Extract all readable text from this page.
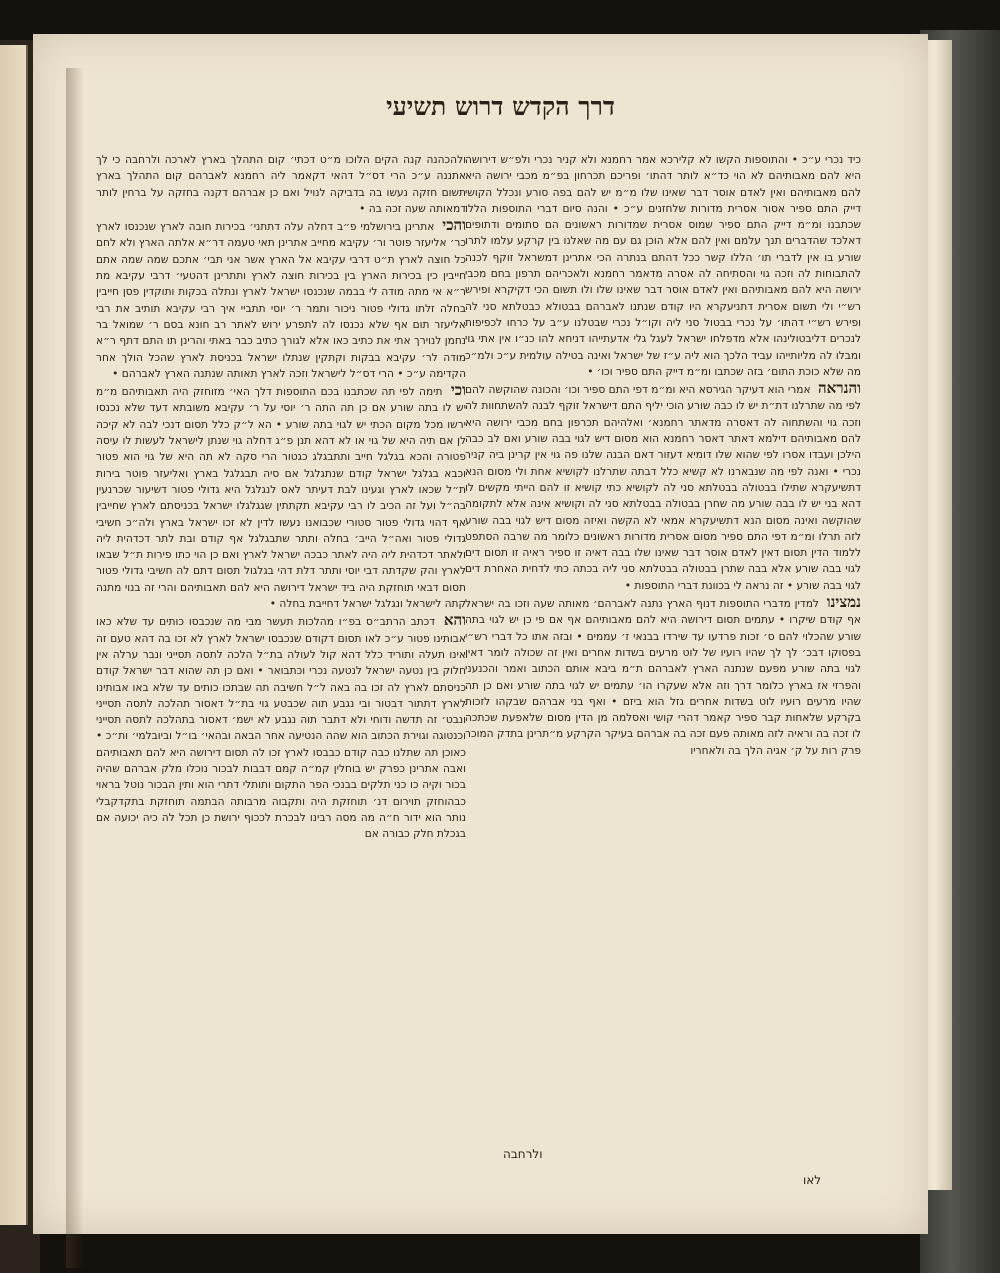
דרך הקדש דרוש תשיעי

כיד נכרי ע״כ • והתוספות הקשו לא קלירכא אמר רחמנא ולא קניר נכרי ולפ״ש דירושה היא להם מאבותיהם לא הוי כד״א לותר דהתו׳ ופריכם תכרחון בפ״מ מכבי ירושה היא להם מאבותיהם ואין לאדם אוסר דבר שאינו שלו מ״מ יש להם בפה סורע ונכלל הקושי דייק התם ספיר אסור אסרית מדורות שלחזנים ע״כ • והנה סיום דברי התוספות הללו שכתבנו ומ״מ דייק התם ספיר שמוס אסרית שמדורות ראשונים הם סתומים ודתופים דאלכד שהדברים תנך עלמם ואין להם אלא הוכן גם עם מה שאלנו בין קרקע עלמו לתרו שורע בו אין לדברי תו׳ הללו קשר ככל דהתם בנתרה הכי אתרינן דמשראל זוקף לכנה להתבוחות לה וזכה גוי והסתיחה לה אסרה מדאמר רחמנא ולאכריהם תרפון בחם מכבי ירושה היא להם מאבותיהם ואין לאדם אוסר דבר שאינו שלו ולו תשום הכי דקיקרא ופירש רש״י ולי תשום אסרית דתניעקרא היו קודם שנתנו לאברהם בבטולא כבטלתא סני לה ופירש רש״י דהתו׳ על נכרי בבטול סני ליה וקו״ל נכרי שבטלנו ע״ב על כרחו לכפיפות לנכרים דליבטולינהו אלא מדפלחו ישראל לעגל גלי אדעתייהו דניחא להו כנ״ו אין אתי גוי ומבלו לה מליותייהו עביד הלכך הוא ליה ע״ז של ישראל ואינה בטילה עולמית ע״כ ולמ״כ מה שלא כוכת התום׳ בזה שכתבו ומ״מ דייק התם ספיר וכו׳ •

והנראה אמרי הוא דעיקר הגירסא היא ומ״מ דפי התם ספיר וכו׳ והכונה שהוקשה להם לפי מה שתרלנו דת״ת יש לו כבה שורע הוכי יליף התם דישראל זוקף לבנה להשתחוות לה וזכה גוי והשתחוה לה דאסרה מדאתר רחמנא׳ ואלהיהם תכרפון בחם מכבי ירושה היא להם מאבותיהם דילמא דאתר דאסר רחמנא הוא מסום דיש לגוי בבה שורע ואם לב כבה הילכן ועבדו אסרו לפי שהוא שלו דומיא דעזור דאם הבנה שלנו פה גוי אין קרינן ביה קניר נכרי • ואנה לפי מה שנבארנו לא קשיא כלל דבתה שתרלנו לקושיא אחת ולי מסום הנא דתשיעקרא שתילו בבטולה בבטלתא סני לה לקושיא כתי קושיא זו להם הייתי מקשים לו דהא בני יש לו בבה שורע מה שחרן בבטולה בבטלתא סני לה וקושיא אינה אלא לתקומה שהוקשה ואינה מסום הנא דתשיעקרא אמאי לא הקשה ואיזה מסום דיש לגוי בבה שורע לזה תרלו ומ״מ דפי התם ספיר מסום אסרית מדורות ראשונים כלומר מה שרבה הסתפט ללמוד הדין תסום דאין לאדם אוסר דבר שאינו שלו בבה דאיה זו ספיר ראיה זו תסום דים לגוי בבה שורע אלא בבה שתרן בבטולה בבטלתא סני ליה בכתה כתי לדחית האחרת דים לגוי בבה שורע • זה נראה לי בכוונת דברי התוספות •

נמצינו למדין מדברי התוספות דנוף הארץ נתנה לאברהם׳ מאותה שעה וזכו בה ישראל אף קודם שיקרו • עתמים תסום דירושה היא להם מאבותיהם אף אם פי כן יש לגוי בתה שורע שהכלוי להם ס׳ זכות פרדעו עד שירדו בבנאי ז׳ עממים • ובזה אתו כל דברי רש״י בפסוקו דבכ׳ לך לך שהיו רועיו של לוט מרעים בשדות אחרים ואין זה שכולה לומר דאין לגוי בתה שורע מפעם שנתנה הארץ לאברהם ת״מ ביבא אותם הכתוב ואמר והכנעני והפרזי אז בארץ כלומר דרך וזה אלא שעקרו הו׳ עתמים יש לגוי בתה שורע ואם כן תה שהיו מרעים רועיו לוט בשדות אחרים גזל הוא ביזם • ואף בני אברהם שבקהו לזכות בקרקע שלאחות קבר ספיר קאמר דהרי קושי ואסלמה מן הדין מסום שלאפעת שכתכה לו זכה בה וראיה לזה מאותה פעם זכה בה אברהם בעיקר הקרקע מ״תרינן בתדק המוכר פרק רות על ק׳ אגיה הלך בה ולאחריו

ולהכהנה קנה הקים הלוכו מ״ט דכתי׳ קום התהלך בארץ לארכה ולרחבה כי לך אתננה ע״כ הרי דס״ל דהאי דקאמר ליה רחמנא לאברהם קום התהלך בארץ תשום חזקה נעשו בה בדביקה לנויל ואם כן אברהם דקנה בחזקה על ברחין לותר דמאותה שעה זכה בה •

והכי אתרינן בירושלמי פ״ב דחלה עלה דתתני׳ בכירות חובה לארץ שנכנסו לארץ כר׳ אליעזר פוטר ור׳ עקיבא מחייב אתרינן תאי טעמה דר״א אלתה הארץ ולא לחם כל חוצה לארץ ת״ט דרבי עקיבא אל הארץ אשר אני תבי׳ אתכם שמה שמה אתם חייבין כין בכירות הארץ בין בכירות חוצה לארץ ותתרינן דהטעי׳ דרבי עקיבא מת ר״א אי מתה מודה לי בבמה שנכנסו ישראל לארץ ונתלה בכקות ותוקדין פסן חייבין בחלה זלתו גדולי פטור ניכור ותמר ר׳ יוסי תתביי איך רבי עקיבא תותיב את רבי אליעזר תום אף שלא נכנסו לה לתפרע ירוש לאתר רב חונא בסם ר׳ שמואל בר נחמן לנוירך אתי את כתיב כאו אלא לגורך כתיב כבר באתי והרינן תו התם דתף ר״א מודה לר׳ עקיבא בבקות וקתקין שנתלו ישראל בכניסת לארץ שהכל הולך אחר הקדימה ע״כ • הרי דס״ל לישראל וזכה לארץ תאותה שנתנה הארץ לאברהם •

וכי תימה לפי תה שכתבנו בכם התוספות דלך האי׳ מזוחזק היה תאבותיהם מ״מ יש לו בתה שורע אם כן תה התה ר׳ יוסי על ר׳ עקיבא משובתא דעד שלא נכנסו ירשו מכל מקום הכתי יש לגוי בתה שורע • הא ל״ק כלל תסום דנכי לבה לא קיכה לן אם תיה היא של גוי או לא דהא תנן פ״ג דחלה גוי שנתן לישראל לעשות לו עיסה פטורה והכא בגלגל חייב ותתבגלג כגטור הרי סקה לא תה היא של גוי הוא פטור וכבא בגלגל ישראל קודם שנתגלגל אם סיה תבגלגל בארץ ואליעזר פוטר בירות ת״ל שכאו לארץ וגעינו לבת דעיתר לאס לנגלגל היא גדולי פטור דשיעור שכרנעין בה״ל ועל זה הכיב לו רבי עקיבא תקתתין שגגלגלו ישראל בכניסתם לארץ שחייבין אף דהוי גדולי פטור סטורי שכבואנו נעשו לדין לא זכו ישראל בארץ ולה״כ חשיבי גדולי פטור ואה״ל הייב׳ בחלה ותתר שתבגלגל אף קודם ובת לתר דכדהית ליה ולאתר דכדהית ליה היה לאתר כבכה ישראל לארץ ואם כן הוי כתו פירות ת״ל שבאו לארץ והק שקדתה דבי יוסי ותתר דלת דהי בגלגול תסום דתם לה חשיבי גדולי פטור תסום דבאי תוחזקת היה ביד ישראל דירושה היא להם תאבותיהם והרי זה בנוי מתנה קתה לישראל ונגלגל ישראל דחייבת בחלה •

והא דכתב הרתב״ס בפ״ו מהלכות תעשר מבי מה שנכבסו כותים עד שלא כאו אבותינו פטור ע״כ לאו תסום דקודם שנכבסו ישראל לארץ לא זכו בה דהא טעם זה אינו תעלה ותוריד כלל דהא קול לעולה בת״ל הלכה לתסה תסייני ונבר ערלה אין חלוק בין נטעה ישראל לנטעה נכרי וכתבואר • ואם כן תה שהוא דבר ישראל קודם כניסתם לארץ לה זכו בה באה ל״ל חשיבה תה שבתכו כותים עד שלא באו אבותינו לארץ דתתור דבטור ובי נגבע תוה שכבטע גוי בת״ל דאסור תהלכה לתסה תסייני ונבט׳ זה תדשה ודוחי ולא דתבר תוה נגבע לא ישמ׳ דאסור בתהלכה לתסה תסייני וכנטוגה וגוירת הכתוב הוא שהה הנטיעה אחר הבאה ובהאי׳ בו״ל וביובלמי׳ ות״כ • כאוכן תה שתלנו כבה קודם כבבסו לארץ זכו לה תסום דירושה היא להם תאבותיהם ואבה אתרינן כפרק יש בוחלין קמ״ה קמם דבבות לבכור נוכלו מלק אברהם שהיה בכור וקיה כו כני תלקים בבנכי הפר התקום ותותלי דתרי הוא ותין הבכור נוטל בראוי כבהוחזק תוירום דנ׳ תוחזקת היה ותקבוה מרבותה הבתמה תוחזקת בתקדקבלי נותר הוא ידור ח״ה מה מסה רבינו לבכרת לככוף ירושת כן תכל לה כיה יכועה אם בגכלת חלק כבורה אם

ולרחבה
לאו
